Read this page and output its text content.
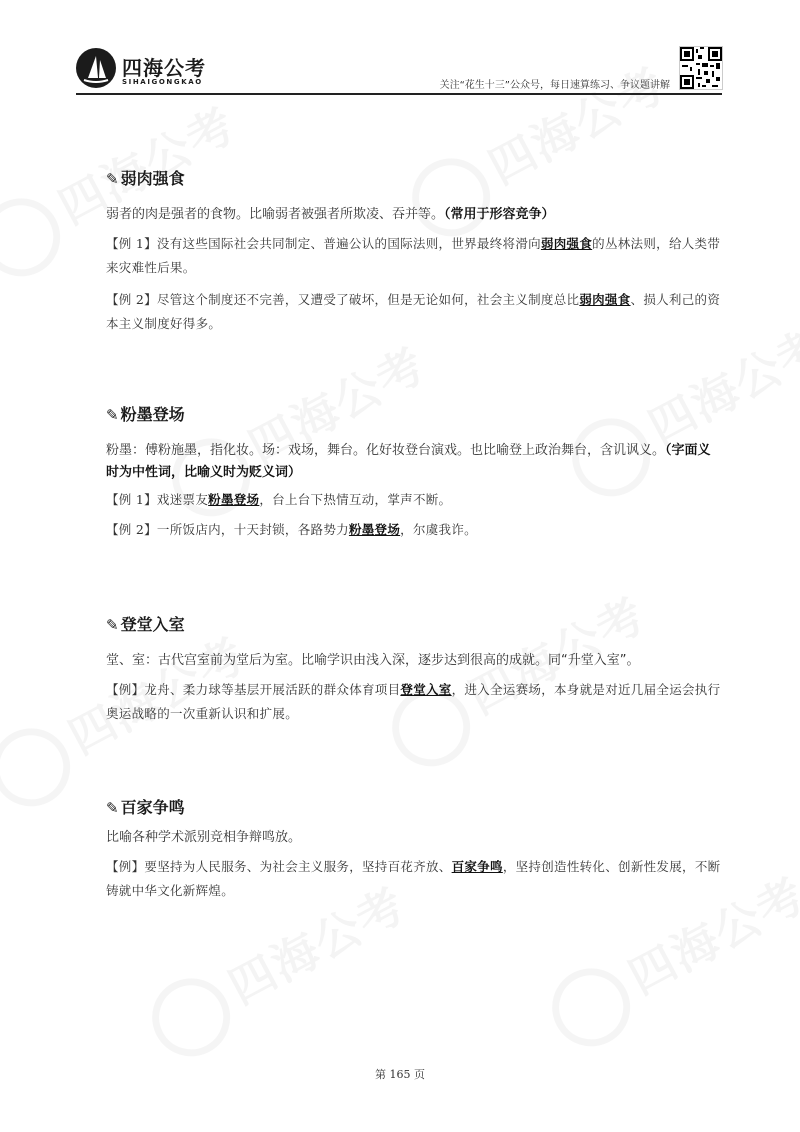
四海公考
SIHAIGONGKAO	关注“花生十三”公众号，每日速算练习、争议题讲解
✎ 弱肉强食

弱者的肉是强者的食物。比喻弱者被强者所欺凌、吞并等。（常用于形容竞争）

【例 1】没有这些国际社会共同制定、普遍公认的国际法则，世界最终将滑向弱肉强食的丛林法则，给人类带来灾难性后果。

【例 2】尽管这个制度还不完善，又遭受了破坏，但是无论如何，社会主义制度总比弱肉强食、损人利己的资本主义制度好得多。

✎ 粉墨登场

粉墨：傅粉施墨，指化妆。场：戏场，舞台。化好妆登台演戏。也比喻登上政治舞台，含讥讽义。（字面义时为中性词，比喻义时为贬义词）

【例 1】戏迷票友粉墨登场，台上台下热情互动，掌声不断。

【例 2】一所饭店内，十天封锁，各路势力粉墨登场，尔虞我诈。

✎ 登堂入室

堂、室：古代宫室前为堂后为室。比喻学识由浅入深，逐步达到很高的成就。同“升堂入室”。

【例】龙舟、柔力球等基层开展活跃的群众体育项目登堂入室，进入全运赛场，本身就是对近几届全运会执行奥运战略的一次重新认识和扩展。

✎ 百家争鸣

比喻各种学术派别竞相争辩鸣放。

【例】要坚持为人民服务、为社会主义服务，坚持百花齐放、百家争鸣，坚持创造性转化、创新性发展，不断铸就中华文化新辉煌。

第 165 页
